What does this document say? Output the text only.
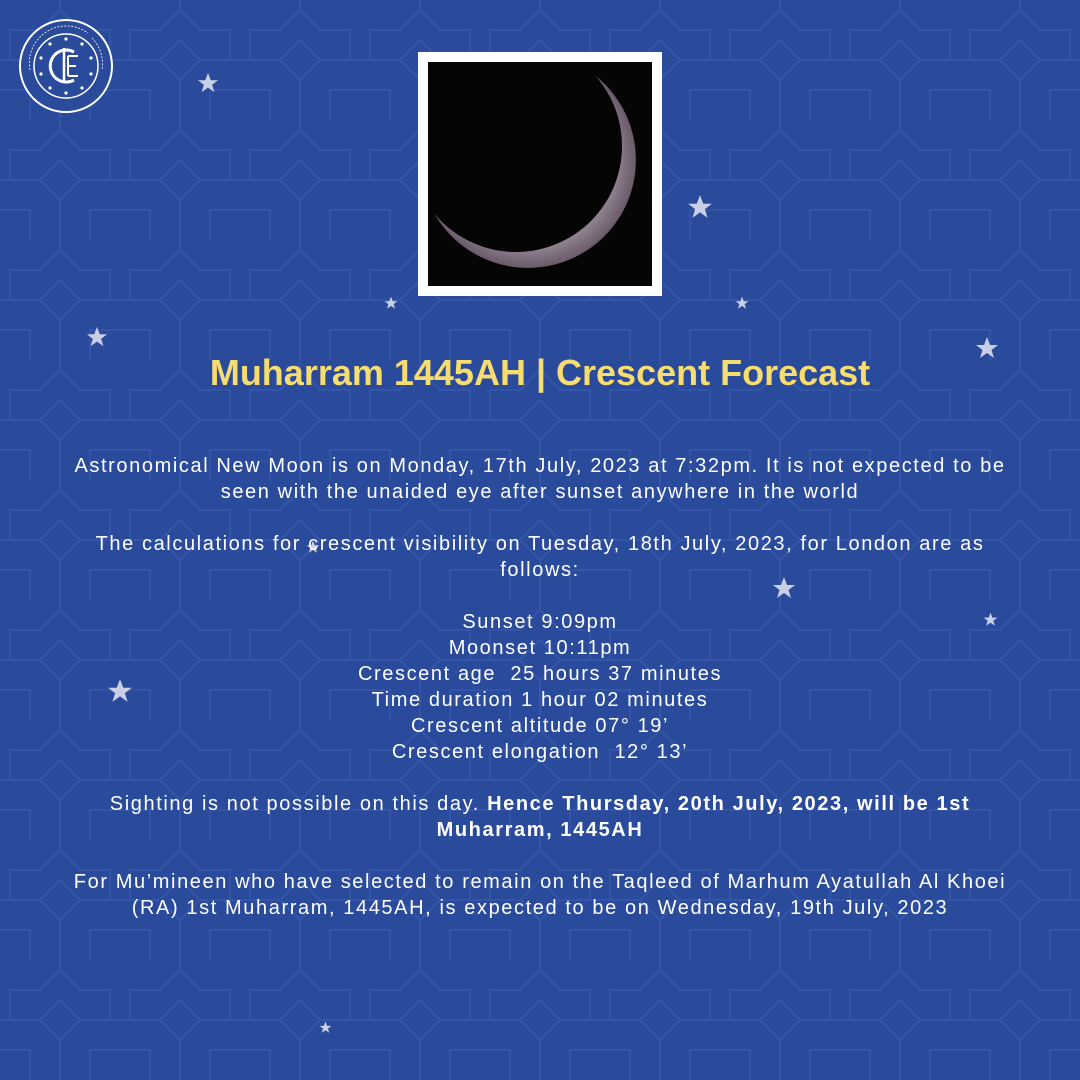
Muharram 1445AH | Crescent Forecast

Astronomical New Moon is on Monday, 17th July, 2023 at 7:32pm. It is not expected to be seen with the unaided eye after sunset anywhere in the world

The calculations for crescent visibility on Tuesday, 18th July, 2023, for London are as follows:

Sunset 9:09pm
Moonset 10:11pm
Crescent age  25 hours 37 minutes
Time duration 1 hour 02 minutes
Crescent altitude 07° 19’
Crescent elongation  12° 13’

Sighting is not possible on this day. Hence Thursday, 20th July, 2023, will be 1st Muharram, 1445AH

For Mu’mineen who have selected to remain on the Taqleed of Marhum Ayatullah Al Khoei (RA) 1st Muharram, 1445AH, is expected to be on Wednesday, 19th July, 2023
